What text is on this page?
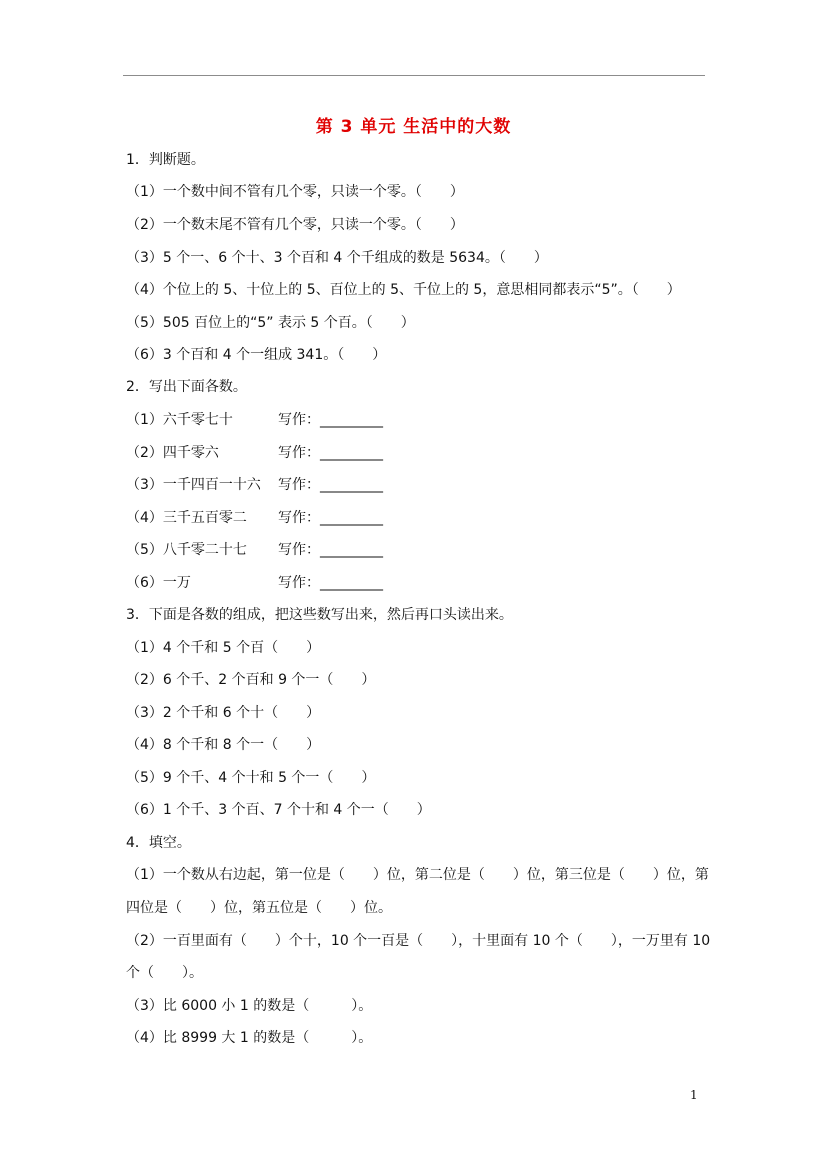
第 3 单元 生活中的大数
1．判断题。
（1）一个数中间不管有几个零，只读一个零。（　　）
（2）一个数末尾不管有几个零，只读一个零。（　　）
（3）5 个一、6 个十、3 个百和 4 个千组成的数是 5634。（　　）
（4）个位上的 5、十位上的 5、百位上的 5、千位上的 5，意思相同都表示“5”。（　　）
（5）505 百位上的“5” 表示 5 个百。（　　）
（6）3 个百和 4 个一组成 341。（　　）
2．写出下面各数。
（1）六千零七十	写作：_________
（2）四千零六	写作：_________
（3）一千四百一十六 写作：_________
（4）三千五百零二 写作：_________
（5）八千零二十七 写作：_________
（6）一万	写作：_________
3．下面是各数的组成，把这些数写出来，然后再口头读出来。
（1）4 个千和 5 个百（　　）
（2）6 个千、2 个百和 9 个一（　　）
（3）2 个千和 6 个十（　　）
（4）8 个千和 8 个一（　　）
（5）9 个千、4 个十和 5 个一（　　）
（6）1 个千、3 个百、7 个十和 4 个一（　　）
4．填空。
（1）一个数从右边起，第一位是（　　）位，第二位是（　　）位，第三位是（　　）位，第
四位是（　　）位，第五位是（　　）位。
（2）一百里面有（　　）个十，10 个一百是（　　），十里面有 10 个（　　），一万里有 10
个（　　）。
（3）比 6000 小 1 的数是（　　　）。
（4）比 8999 大 1 的数是（　　　）。
1
